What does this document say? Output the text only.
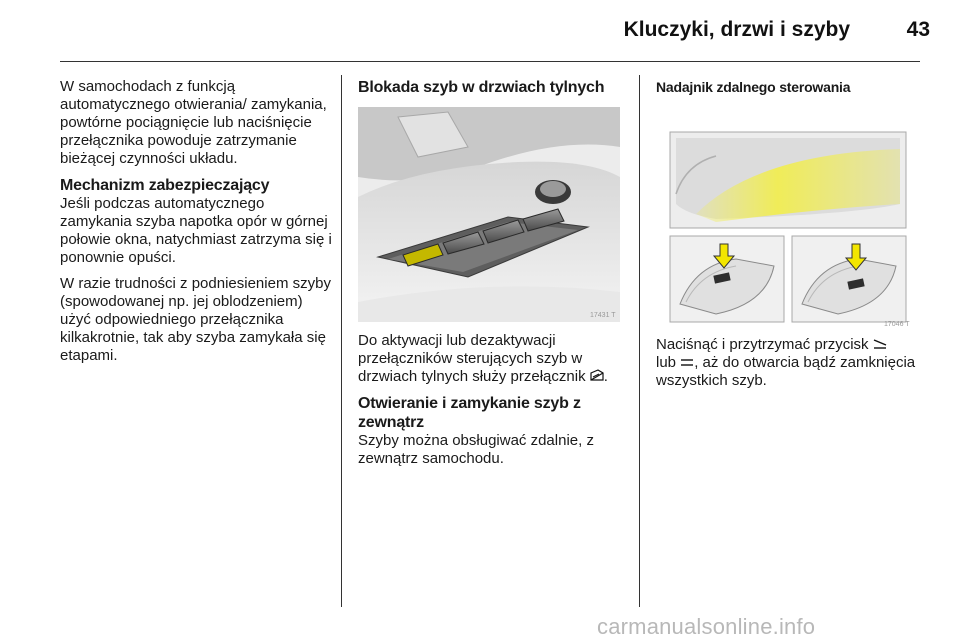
Kluczyki, drzwi i szyby	43

W samochodach z funkcją automatycznego otwierania/ zamykania, powtórne pociągnięcie lub naciśnięcie przełącznika powoduje zatrzymanie bieżącej czynności układu.

Mechanizm zabezpieczający

Jeśli podczas automatycznego zamykania szyba napotka opór w górnej połowie okna, natychmiast zatrzyma się i ponownie opuści.

W razie trudności z podniesieniem szyby (spowodowanej np. jej oblodzeniem) użyć odpowiedniego przełącznika kilkakrotnie, tak aby szyba zamykała się etapami.

Blokada szyb w drzwiach tylnych
17431 T

Do aktywacji lub dezaktywacji przełączników sterujących szyb w drzwiach tylnych służy przełącznik .

Otwieranie i zamykanie szyb z zewnątrz

Szyby można obsługiwać zdalnie, z zewnątrz samochodu.

Nadajnik zdalnego sterowania
17046 T

Naciśnąć i przytrzymać przycisk
lub , aż do otwarcia bądź zamknięcia wszystkich szyb.

carmanualsonline.info
